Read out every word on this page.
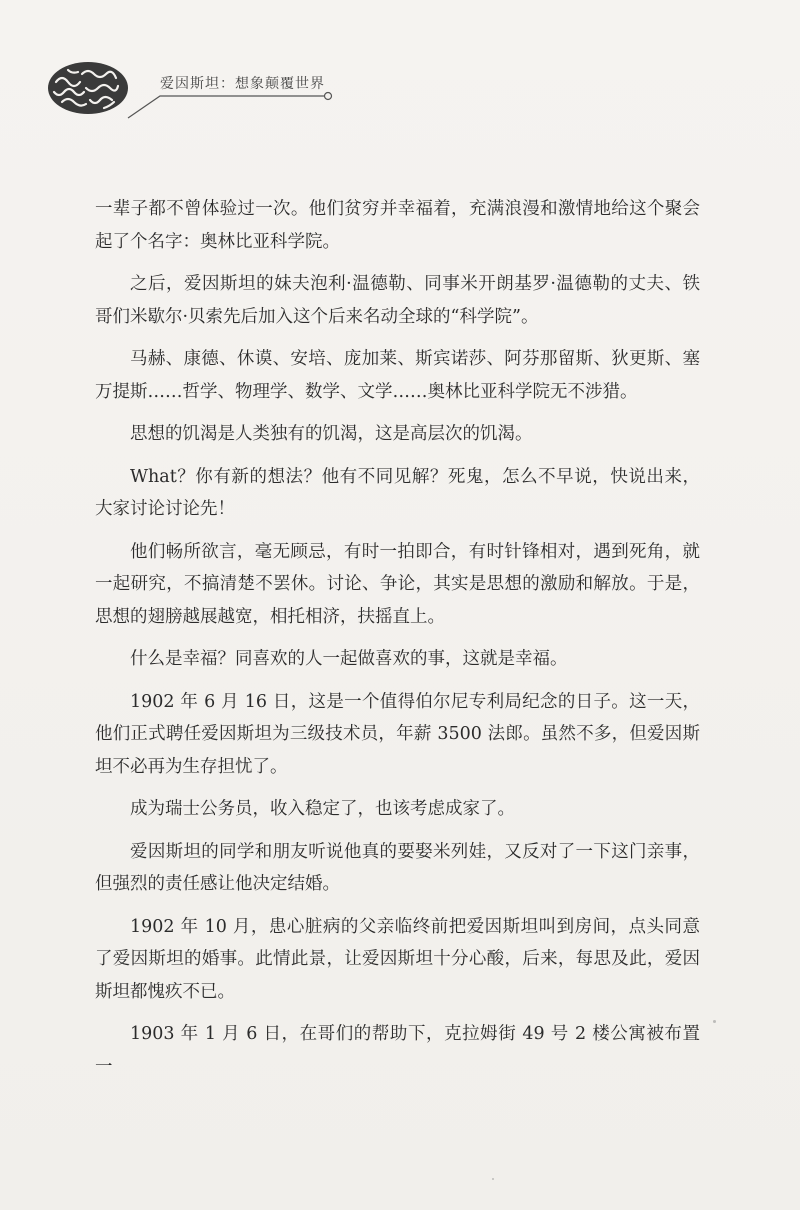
爱因斯坦：想象颠覆世界

一辈子都不曾体验过一次。他们贫穷并幸福着，充满浪漫和激情地给这个聚会起了个名字：奥林比亚科学院。

之后，爱因斯坦的妹夫泡利·温德勒、同事米开朗基罗·温德勒的丈夫、铁哥们米歇尔·贝索先后加入这个后来名动全球的“科学院”。

马赫、康德、休谟、安培、庞加莱、斯宾诺莎、阿芬那留斯、狄更斯、塞万提斯……哲学、物理学、数学、文学……奥林比亚科学院无不涉猎。

思想的饥渴是人类独有的饥渴，这是高层次的饥渴。

What？你有新的想法？他有不同见解？死鬼，怎么不早说，快说出来，大家讨论讨论先！

他们畅所欲言，毫无顾忌，有时一拍即合，有时针锋相对，遇到死角，就一起研究，不搞清楚不罢休。讨论、争论，其实是思想的激励和解放。于是，思想的翅膀越展越宽，相托相济，扶摇直上。

什么是幸福？同喜欢的人一起做喜欢的事，这就是幸福。

1902 年 6 月 16 日，这是一个值得伯尔尼专利局纪念的日子。这一天，他们正式聘任爱因斯坦为三级技术员，年薪 3500 法郎。虽然不多，但爱因斯坦不必再为生存担忧了。

成为瑞士公务员，收入稳定了，也该考虑成家了。

爱因斯坦的同学和朋友听说他真的要娶米列娃，又反对了一下这门亲事，但强烈的责任感让他决定结婚。

1902 年 10 月，患心脏病的父亲临终前把爱因斯坦叫到房间，点头同意了爱因斯坦的婚事。此情此景，让爱因斯坦十分心酸，后来，每思及此，爱因斯坦都愧疚不已。

1903 年 1 月 6 日，在哥们的帮助下，克拉姆街 49 号 2 楼公寓被布置一
